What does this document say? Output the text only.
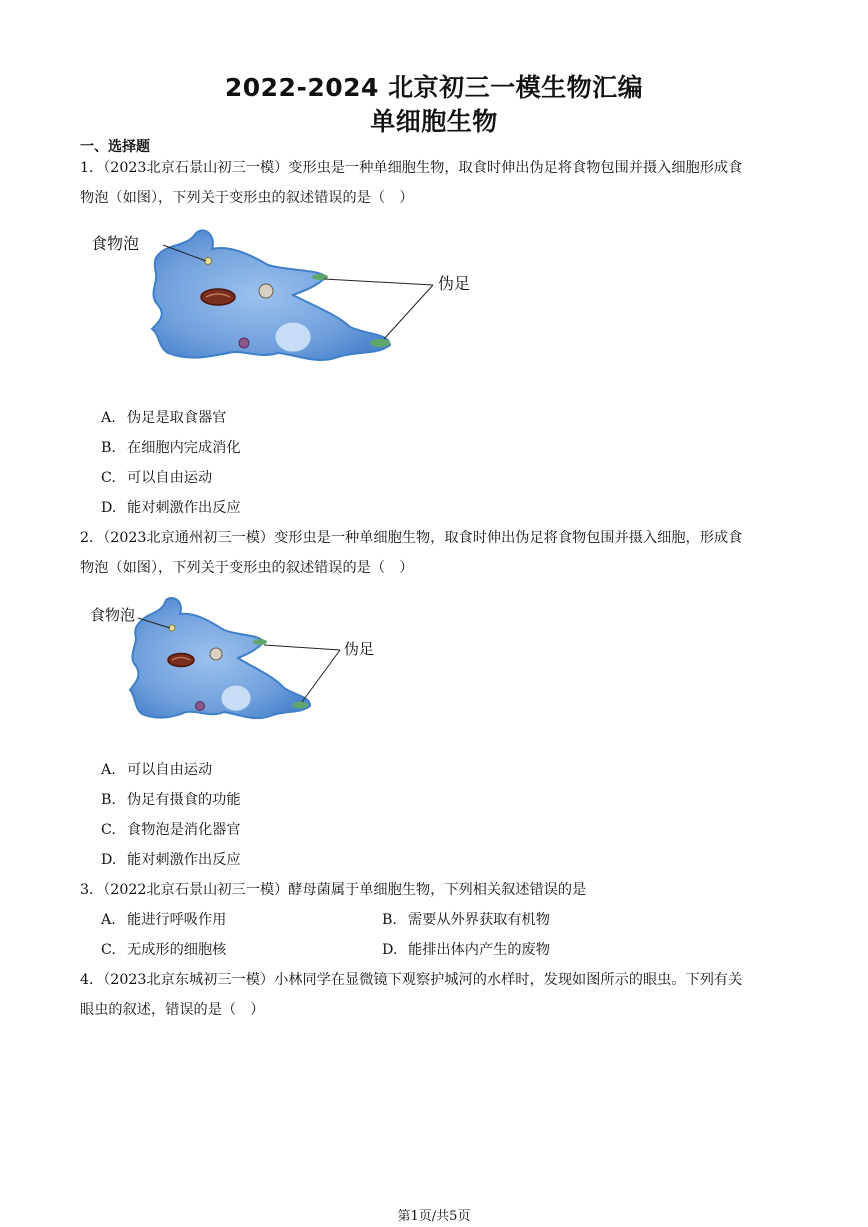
2022-2024 北京初三一模生物汇编
单细胞生物
一、选择题
1．（2023北京石景山初三一模）变形虫是一种单细胞生物，取食时伸出伪足将食物包围并摄入细胞形成食
物泡（如图），下列关于变形虫的叙述错误的是（　）
食物泡
伪足
A. 伪足是取食器官
B. 在细胞内完成消化
C. 可以自由运动
D. 能对刺激作出反应
2．（2023北京通州初三一模）变形虫是一种单细胞生物，取食时伸出伪足将食物包围并摄入细胞，形成食
物泡（如图），下列关于变形虫的叙述错误的是（　）
食物泡
伪足
A. 可以自由运动
B. 伪足有摄食的功能
C. 食物泡是消化器官
D. 能对刺激作出反应
3．（2022北京石景山初三一模）酵母菌属于单细胞生物，下列相关叙述错误的是
A. 能进行呼吸作用	B. 需要从外界获取有机物
C. 无成形的细胞核	D. 能排出体内产生的废物
4．（2023北京东城初三一模）小林同学在显微镜下观察护城河的水样时，发现如图所示的眼虫。下列有关
眼虫的叙述，错误的是（　）
第1页/共5页
